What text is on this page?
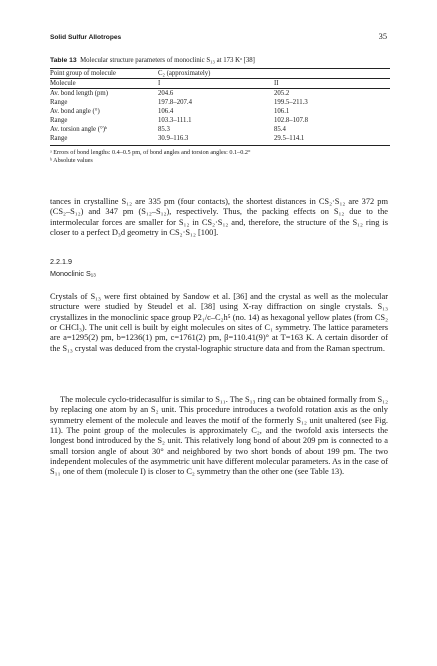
Solid Sulfur Allotropes	35
Table 13 Molecular structure parameters of monoclinic S₁₃ at 173 Kᵃ [38]
Point group of molecule	C₂ (approximately)
Molecule	I	II
Av. bond length (pm)	204.6	205.2
Range	197.8–207.4	199.5–211.3
Av. bond angle (°)	106.4	106.1
Range	103.3–111.1	102.8–107.8
Av. torsion angle (°)ᵇ	85.3	85.4
Range	30.9–116.3	29.5–114.1
ᵃ Errors of bond lengths: 0.4–0.5 pm, of bond angles and torsion angles: 0.1–0.2°
ᵇ Absolute values

tances in crystalline S₁₂ are 335 pm (four contacts), the shortest distances in CS₂·S₁₂ are 372 pm (CS₂–S₁₂) and 347 pm (S₁₂–S₁₂), respectively. Thus, the packing effects on S₁₂ due to the intermolecular forces are smaller for S₁₂ in CS₂·S₁₂ and, therefore, the structure of the S₁₂ ring is closer to a perfect D₃d geometry in CS₂·S₁₂ [100].

2.2.1.9
Monoclinic S₁₃

Crystals of S₁₃ were first obtained by Sandow et al. [36] and the crystal as well as the molecular structure were studied by Steudel et al. [38] using X-ray diffraction on single crystals. S₁₃ crystallizes in the monoclinic space group P2₁/c–C₂h⁵ (no. 14) as hexagonal yellow plates (from CS₂ or CHCl₃). The unit cell is built by eight molecules on sites of C₁ symmetry. The lattice parameters are a=1295(2) pm, b=1236(1) pm, c=1761(2) pm, β=110.41(9)° at T=163 K. A certain disorder of the S₁₃ crystal was deduced from the crystal-lographic structure data and from the Raman spectrum.

The molecule cyclo-tridecasulfur is similar to S₁₁. The S₁₃ ring can be obtained formally from S₁₂ by replacing one atom by an S₂ unit. This procedure introduces a twofold rotation axis as the only symmetry element of the molecule and leaves the motif of the formerly S₁₂ unit unaltered (see Fig. 11). The point group of the molecules is approximately C₂, and the twofold axis intersects the longest bond introduced by the S₂ unit. This relatively long bond of about 209 pm is connected to a small torsion angle of about 30° and neighbored by two short bonds of about 199 pm. The two independent molecules of the asymmetric unit have different molecular parameters. As in the case of S₁₁ one of them (molecule I) is closer to C₂ symmetry than the other one (see Table 13).
